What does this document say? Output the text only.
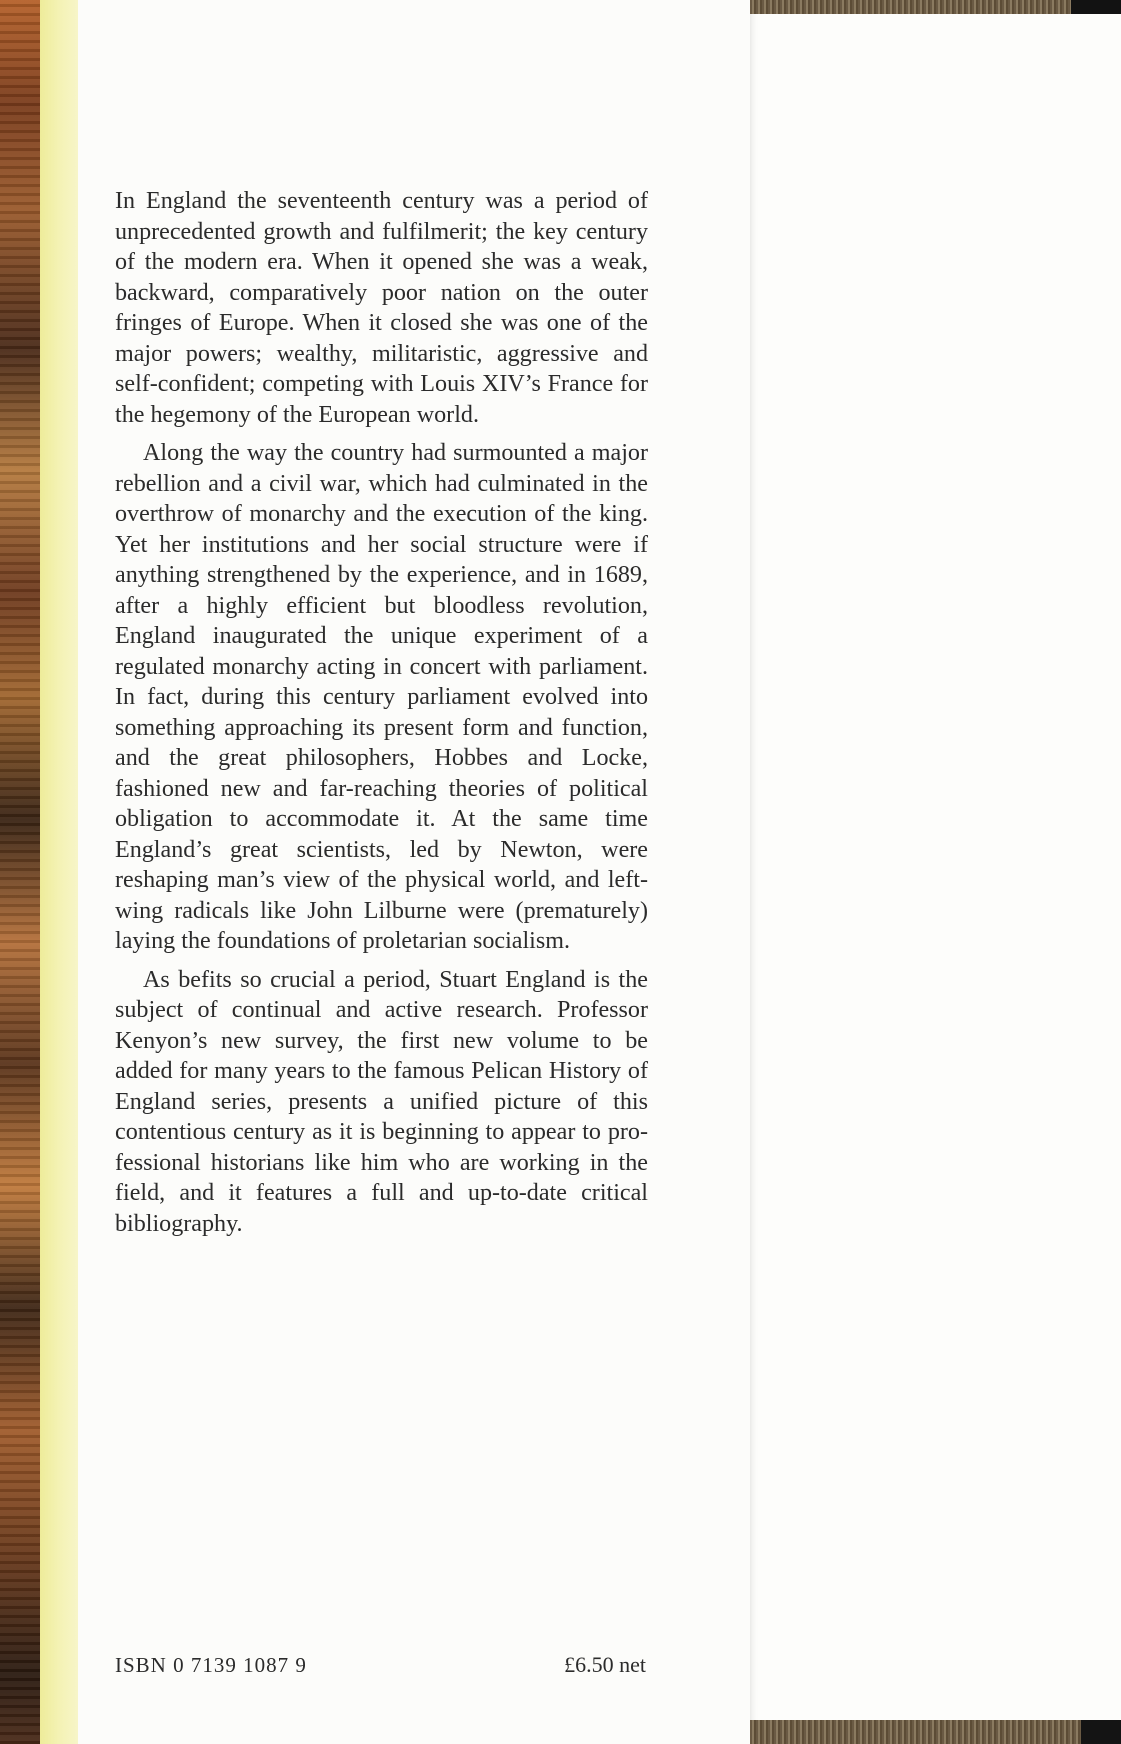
In England the seventeenth century was a period of unprecedented growth and fulfilmerit; the key century of the modern era. When it opened she was a weak, backward, comparatively poor nation on the outer fringes of Europe. When it closed she was one of the major powers; wealthy, militaristic, aggressive and self-confident; competing with Louis XIV’s France for the hegemony of the European world.

Along the way the country had surmounted a major rebellion and a civil war, which had culminated in the overthrow of monarchy and the execution of the king. Yet her institutions and her social structure were if anything strengthened by the experience, and in 1689, after a highly efficient but bloodless revolution, England inaugurated the unique experiment of a regulated monarchy acting in concert with parliament. In fact, during this century parliament evolved into something approaching its present form and function, and the great philosophers, Hobbes and Locke, fashioned new and far-reaching theories of political obligation to accommodate it. At the same time England’s great scientists, led by Newton, were reshaping man’s view of the physical world, and left-wing radicals like John Lilburne were (prematurely) laying the foundations of proletarian socialism.

As befits so crucial a period, Stuart England is the subject of continual and active research. Professor Kenyon’s new survey, the first new volume to be added for many years to the famous Pelican History of England series, presents a unified picture of this contentious century as it is beginning to appear to professional historians like him who are working in the field, and it features a full and up-to-date critical bibliography.

ISBN 0 7139 1087 9	£6.50 net
